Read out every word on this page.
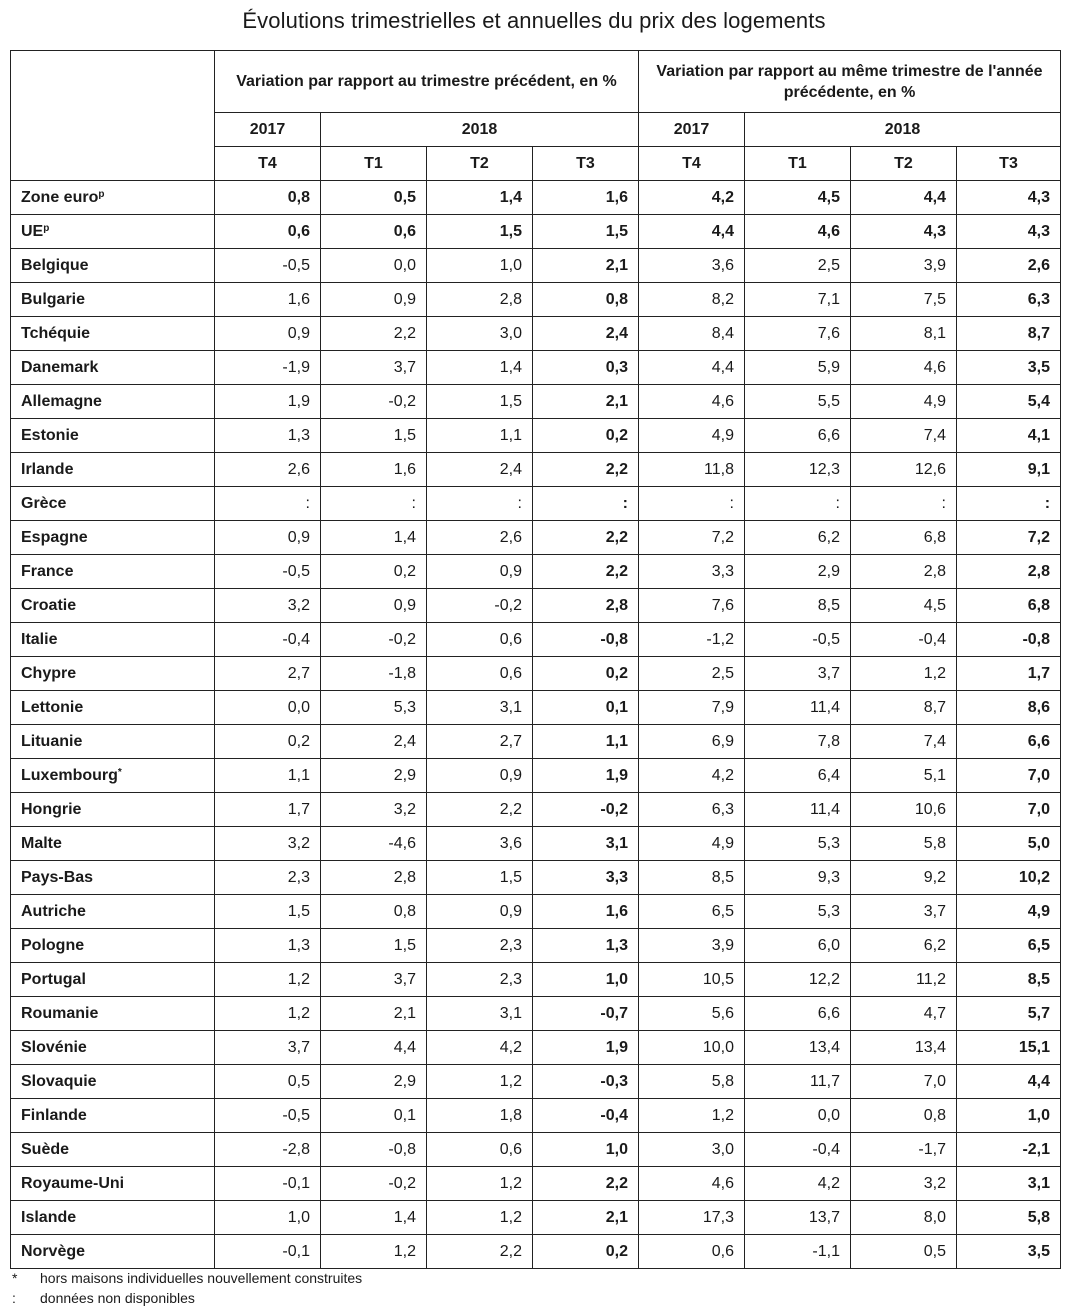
Évolutions trimestrielles et annuelles du prix des logements
	Variation par rapport au trimestre précédent, en %				Variation par rapport au même trimestre de l'année précédente, en %			
	2017	2018			2017	2018		
	T4	T1	T2	T3	T4	T1	T2	T3
Zone euro$^p$	0,8	0,5	1,4	1,6	4,2	4,5	4,4	4,3
$UE^p$	0,6	0,6	1,5	1,5	4,4	4,6	4,3	4,3
Belgique	-0,5	0,0	1,0	2,1	3,6	2,5	3,9	2,6
Bulgarie	1,6	0,9	2,8	0,8	8,2	7,1	7,5	6,3
Tchéquie	0,9	2,2	3,0	2,4	8,4	7,6	8,1	8,7
Danemark	-1,9	3,7	1,4	0,3	4,4	5,9	4,6	3,5
Allemagne	1,9	-0,2	1,5	2,1	4,6	5,5	4,9	5,4
Estonie	1,3	1,5	1,1	0,2	4,9	6,6	7,4	4,1
Irlande	2,6	1,6	2,4	2,2	11,8	12,3	12,6	9,1
Grèce	:	:	:	:	:	:	:	:
Espagne	0,9	1,4	2,6	2,2	7,2	6,2	6,8	7,2
France	-0,5	0,2	0,9	2,2	3,3	2,9	2,8	2,8
Croatie	3,2	0,9	-0,2	2,8	7,6	8,5	4,5	6,8
Italie	-0,4	-0,2	0,6	-0,8	-1,2	-0,5	-0,4	-0,8
Chypre	2,7	-1,8	0,6	0,2	2,5	3,7	1,2	1,7
Lettonie	0,0	5,3	3,1	0,1	7,9	11,4	8,7	8,6
Lituanie	0,2	2,4	2,7	1,1	6,9	7,8	7,4	6,6
Luxembourg*	1,1	2,9	0,9	1,9	4,2	6,4	5,1	7,0
Hongrie	1,7	3,2	2,2	-0,2	6,3	11,4	10,6	7,0
Malte	3,2	-4,6	3,6	3,1	4,9	5,3	5,8	5,0
Pays-Bas	2,3	2,8	1,5	3,3	8,5	9,3	9,2	10,2
Autriche	1,5	0,8	0,9	1,6	6,5	5,3	3,7	4,9
Pologne	1,3	1,5	2,3	1,3	3,9	6,0	6,2	6,5
Portugal	1,2	3,7	2,3	1,0	10,5	12,2	11,2	8,5
Roumanie	1,2	2,1	3,1	-0,7	5,6	6,6	4,7	5,7
Slovénie	3,7	4,4	4,2	1,9	10,0	13,4	13,4	15,1
Slovaquie	0,5	2,9	1,2	-0,3	5,8	11,7	7,0	4,4
Finlande	-0,5	0,1	1,8	-0,4	1,2	0,0	0,8	1,0
Suède	-2,8	-0,8	0,6	1,0	3,0	-0,4	-1,7	-2,1
Royaume-Uni	-0,1	-0,2	1,2	2,2	4,6	4,2	3,2	3,1
Islande	1,0	1,4	1,2	2,1	17,3	13,7	8,0	5,8
Norvège	-0,1	1,2	2,2	0,2	0,6	-1,1	0,5	3,5
* hors maisons individuelles nouvellement construites
: données non disponibles
